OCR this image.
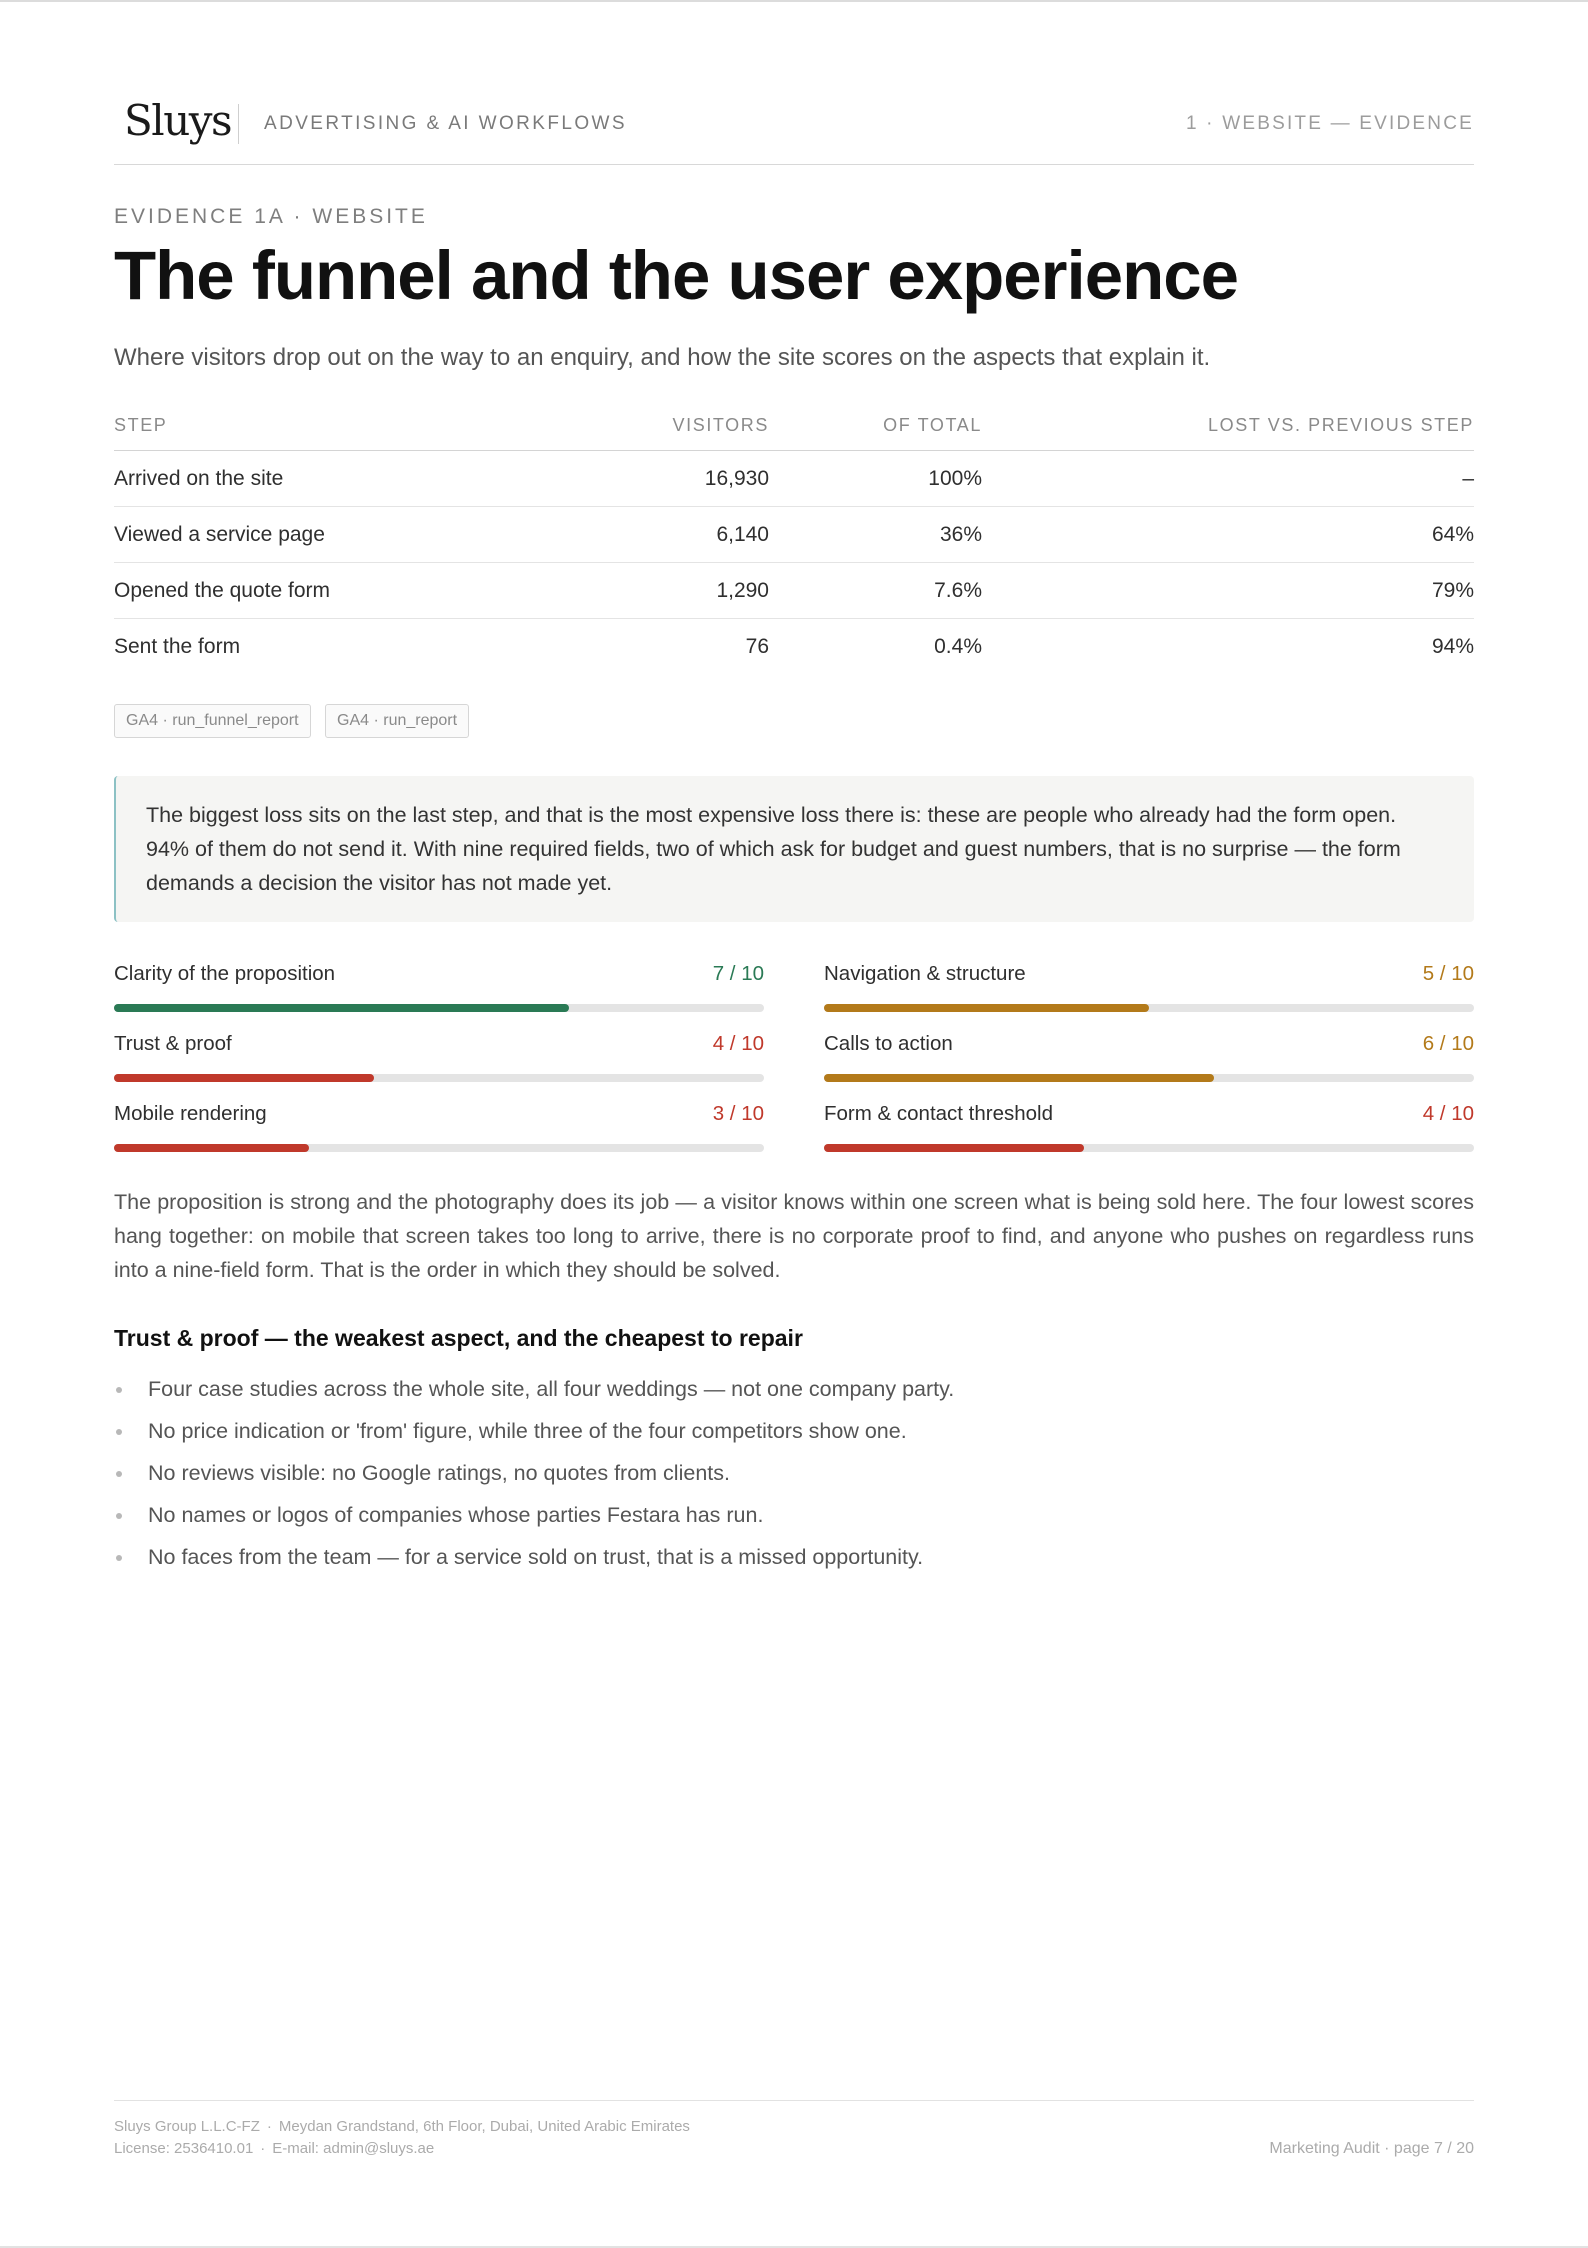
Sluys ADVERTISING & AI WORKFLOWS	1 · WEBSITE — EVIDENCE
EVIDENCE 1A · WEBSITE
The funnel and the user experience
Where visitors drop out on the way to an enquiry, and how the site scores on the aspects that explain it.
STEP	VISITORS	OF TOTAL	LOST VS. PREVIOUS STEP
Arrived on the site	16,930	100%	–
Viewed a service page	6,140	36%	64%
Opened the quote form	1,290	7.6%	79%
Sent the form	76	0.4%	94%
GA4 · run_funnel_report GA4 · run_report
The biggest loss sits on the last step, and that is the most expensive loss there is: these are people who already had the form open. 94% of them do not send it. With nine required fields, two of which ask for budget and guest numbers, that is no surprise — the form demands a decision the visitor has not made yet.
Clarity of the proposition	7 / 10	Navigation & structure	5 / 10
Trust & proof	4 / 10	Calls to action	6 / 10
Mobile rendering	3 / 10	Form & contact threshold	4 / 10

The proposition is strong and the photography does its job — a visitor knows within one screen what is being sold here. The four lowest scores hang together: on mobile that screen takes too long to arrive, there is no corporate proof to find, and anyone who pushes on regardless runs into a nine-field form. That is the order in which they should be solved.

Trust & proof — the weakest aspect, and the cheapest to repair
Four case studies across the whole site, all four weddings — not one company party.
No price indication or 'from' figure, while three of the four competitors show one.
No reviews visible: no Google ratings, no quotes from clients.
No names or logos of companies whose parties Festara has run.
No faces from the team — for a service sold on trust, that is a missed opportunity.
Sluys Group L.L.C-FZ · Meydan Grandstand, 6th Floor, Dubai, United Arabic Emirates
License: 2536410.01 · E-mail: admin@sluys.ae	Marketing Audit · page 7 / 20
